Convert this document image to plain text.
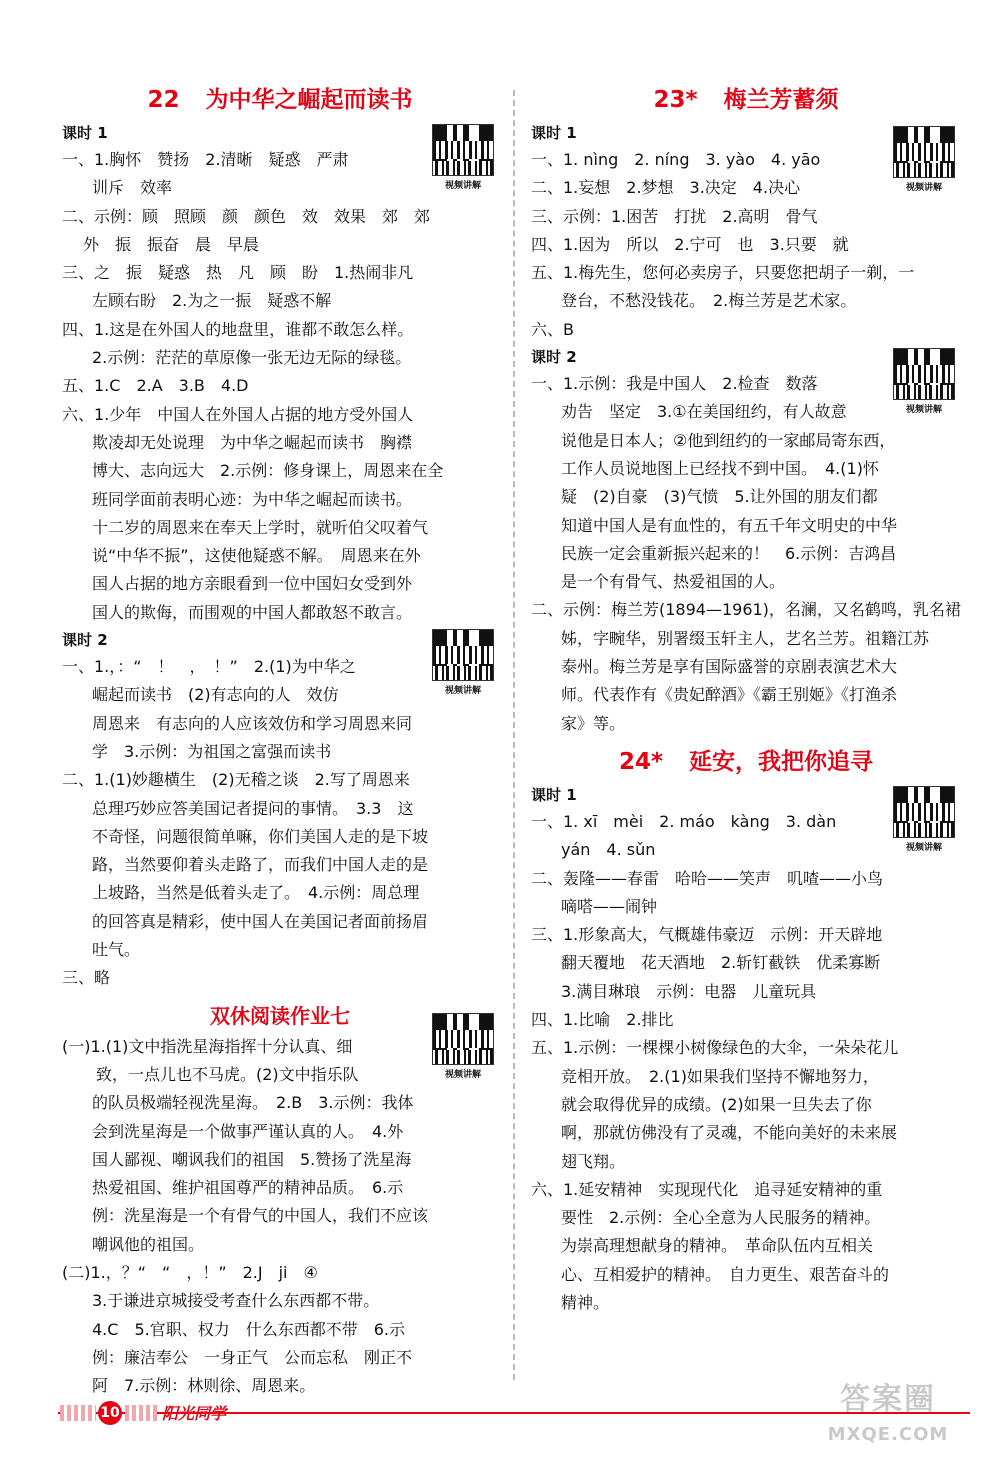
22 为中华之崛起而读书
视频讲解
课时 1
一、1.胸怀　赞扬　2.清晰　疑惑　严肃
训斥　效率
二、示例：顾　照顾　颜　颜色　效　效果　郊　郊
外　振　振奋　晨　早晨
三、之　振　疑惑　热　凡　顾　盼　1.热闹非凡
左顾右盼　2.为之一振　疑惑不解
四、1.这是在外国人的地盘里，谁都不敢怎么样。
2.示例：茫茫的草原像一张无边无际的绿毯。
五、1.C　2.A　3.B　4.D
六、1.少年　中国人在外国人占据的地方受外国人
欺凌却无处说理　为中华之崛起而读书　胸襟
博大、志向远大　2.示例：修身课上，周恩来在全
班同学面前表明心迹：为中华之崛起而读书。
十二岁的周恩来在奉天上学时，就听伯父叹着气
说“中华不振”，这使他疑惑不解。　周恩来在外
国人占据的地方亲眼看到一位中国妇女受到外
国人的欺侮，而围观的中国人都敢怒不敢言。
视频讲解
课时 2
一、1.，：“　！　，　！”　2.(1)为中华之
崛起而读书　(2)有志向的人　效仿
周恩来　有志向的人应该效仿和学习周恩来同
学　3.示例：为祖国之富强而读书
二、1.(1)妙趣横生　(2)无稽之谈　2.写了周恩来
总理巧妙应答美国记者提问的事情。　3.3　这
不奇怪，问题很简单嘛，你们美国人走的是下坡
路，当然要仰着头走路了，而我们中国人走的是
上坡路，当然是低着头走了。　4.示例：周总理
的回答真是精彩，使中国人在美国记者面前扬眉
吐气。
三、略
视频讲解
双休阅读作业七
(一)1.(1)文中指洗星海指挥十分认真、细
致，一点儿也不马虎。(2)文中指乐队
的队员极端轻视洗星海。　2.B　3.示例：我体
会到洗星海是一个做事严谨认真的人。　4.外
国人鄙视、嘲讽我们的祖国　5.赞扬了洗星海
热爱祖国、维护祖国尊严的精神品质。　6.示
例：洗星海是一个有骨气的中国人，我们不应该
嘲讽他的祖国。
(二)1.，？“　“　，！”　2.J　ji　④
3.于谦进京城接受考查什么东西都不带。
4.C　5.官职、权力　什么东西都不带　6.示
例：廉洁奉公　一身正气　公而忘私　刚正不
阿　7.示例：林则徐、周恩来。
23* 梅兰芳蓄须
视频讲解
课时 1
一、1. nìng　2. níng　3. yào　4. yāo
二、1.妄想　2.梦想　3.决定　4.决心
三、示例：1.困苦　打扰　2.高明　骨气
四、1.因为　所以　2.宁可　也　3.只要　就
五、1.梅先生，您何必卖房子，只要您把胡子一剃，一
登台，不愁没钱花。　2.梅兰芳是艺术家。
六、B
视频讲解
课时 2
一、1.示例：我是中国人　2.检查　数落
劝告　坚定　3.①在美国纽约，有人故意
说他是日本人；②他到纽约的一家邮局寄东西，
工作人员说地图上已经找不到中国。　4.(1)怀
疑　(2)自豪　(3)气愤　5.让外国的朋友们都
知道中国人是有血性的，有五千年文明史的中华
民族一定会重新振兴起来的！　6.示例：吉鸿昌
是一个有骨气、热爱祖国的人。
二、示例：梅兰芳(1894—1961)，名澜，又名鹤鸣，乳名裙
姊，字畹华，别署缀玉轩主人，艺名兰芳。祖籍江苏
泰州。梅兰芳是享有国际盛誉的京剧表演艺术大
师。代表作有《贵妃醉酒》《霸王别姬》《打渔杀
家》等。
24* 延安，我把你追寻
视频讲解
课时 1
一、1. xī　mèi　2. máo　kàng　3. dàn
yán　4. sǔn
二、轰隆——春雷　哈哈——笑声　叽喳——小鸟
嘀嗒——闹钟
三、1.形象高大，气概雄伟豪迈　示例：开天辟地
翻天覆地　花天酒地　2.斩钉截铁　优柔寡断
3.满目琳琅　示例：电器　儿童玩具
四、1.比喻　2.排比
五、1.示例：一棵棵小树像绿色的大伞，一朵朵花儿
竞相开放。　2.(1)如果我们坚持不懈地努力，
就会取得优异的成绩。(2)如果一旦失去了你
啊，那就仿佛没有了灵魂，不能向美好的未来展
翅飞翔。
六、1.延安精神　实现现代化　追寻延安精神的重
要性　2.示例：全心全意为人民服务的精神。
为崇高理想献身的精神。　革命队伍内互相关
心、互相爱护的精神。　自力更生、艰苦奋斗的
精神。
10	阳光同学	答案圈
MXQE.COM
